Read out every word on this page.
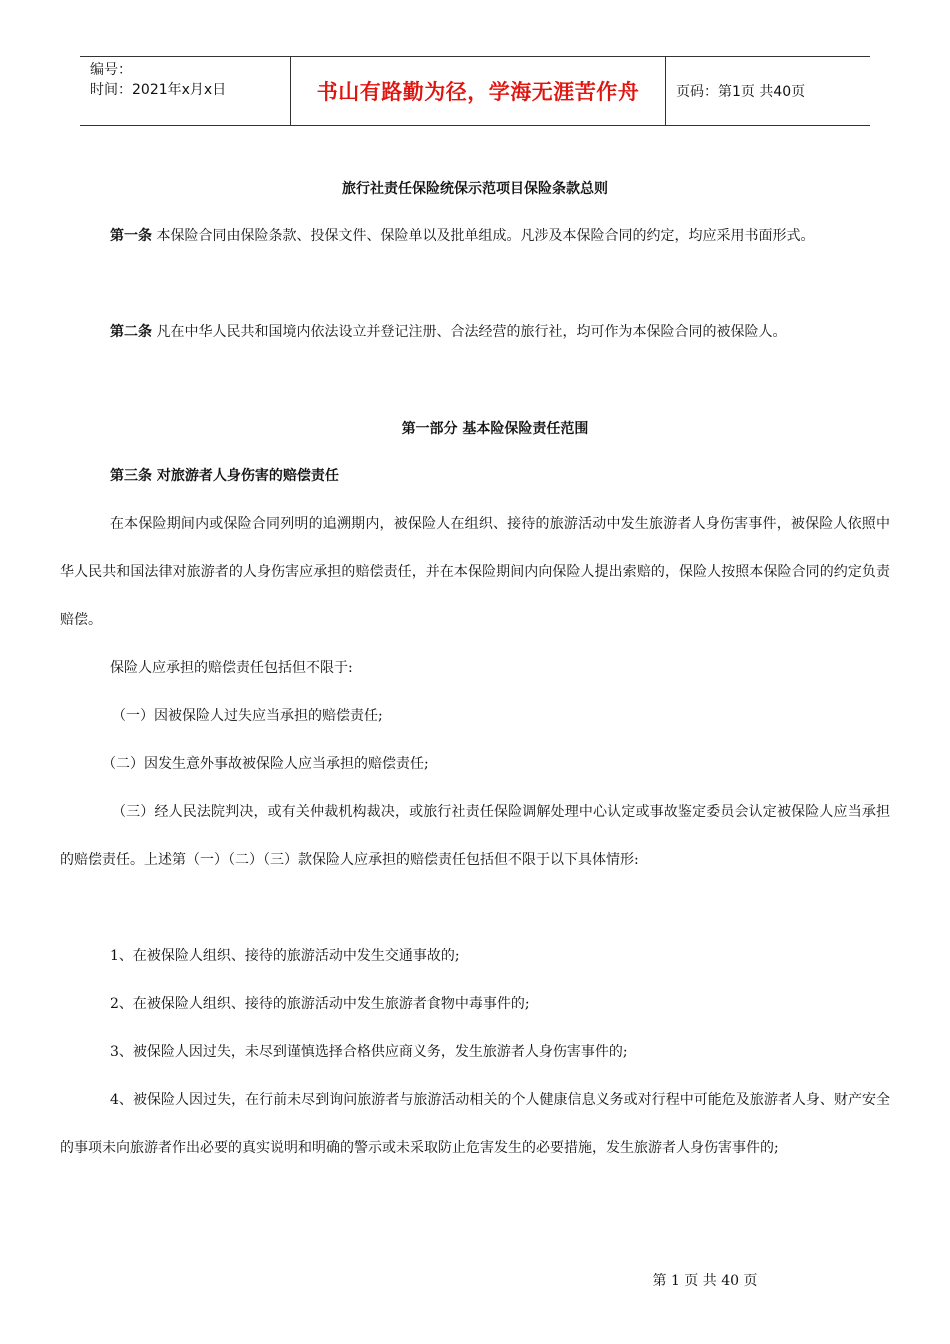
编号：
时间：2021年x月x日	书山有路勤为径，学海无涯苦作舟	页码：第1页 共40页
旅行社责任保险统保示范项目保险条款总则
第一条 本保险合同由保险条款、投保文件、保险单以及批单组成。凡涉及本保险合同的约定，均应采用书面形式。
第二条 凡在中华人民共和国境内依法设立并登记注册、合法经营的旅行社，均可作为本保险合同的被保险人。
第一部分 基本险保险责任范围
第三条 对旅游者人身伤害的赔偿责任
在本保险期间内或保险合同列明的追溯期内，被保险人在组织、接待的旅游活动中发生旅游者人身伤害事件，被保险人依照中华人民共和国法律对旅游者的人身伤害应承担的赔偿责任，并在本保险期间内向保险人提出索赔的，保险人按照本保险合同的约定负责赔偿。
保险人应承担的赔偿责任包括但不限于:
（一）因被保险人过失应当承担的赔偿责任;
（二）因发生意外事故被保险人应当承担的赔偿责任;
（三）经人民法院判决，或有关仲裁机构裁决，或旅行社责任保险调解处理中心认定或事故鉴定委员会认定被保险人应当承担的赔偿责任。上述第（一）（二）（三）款保险人应承担的赔偿责任包括但不限于以下具体情形:
1、在被保险人组织、接待的旅游活动中发生交通事故的;
2、在被保险人组织、接待的旅游活动中发生旅游者食物中毒事件的;
3、被保险人因过失，未尽到谨慎选择合格供应商义务，发生旅游者人身伤害事件的;
4、被保险人因过失，在行前未尽到询问旅游者与旅游活动相关的个人健康信息义务或对行程中可能危及旅游者人身、财产安全的事项未向旅游者作出必要的真实说明和明确的警示或未采取防止危害发生的必要措施，发生旅游者人身伤害事件的;
第 1 页 共 40 页
